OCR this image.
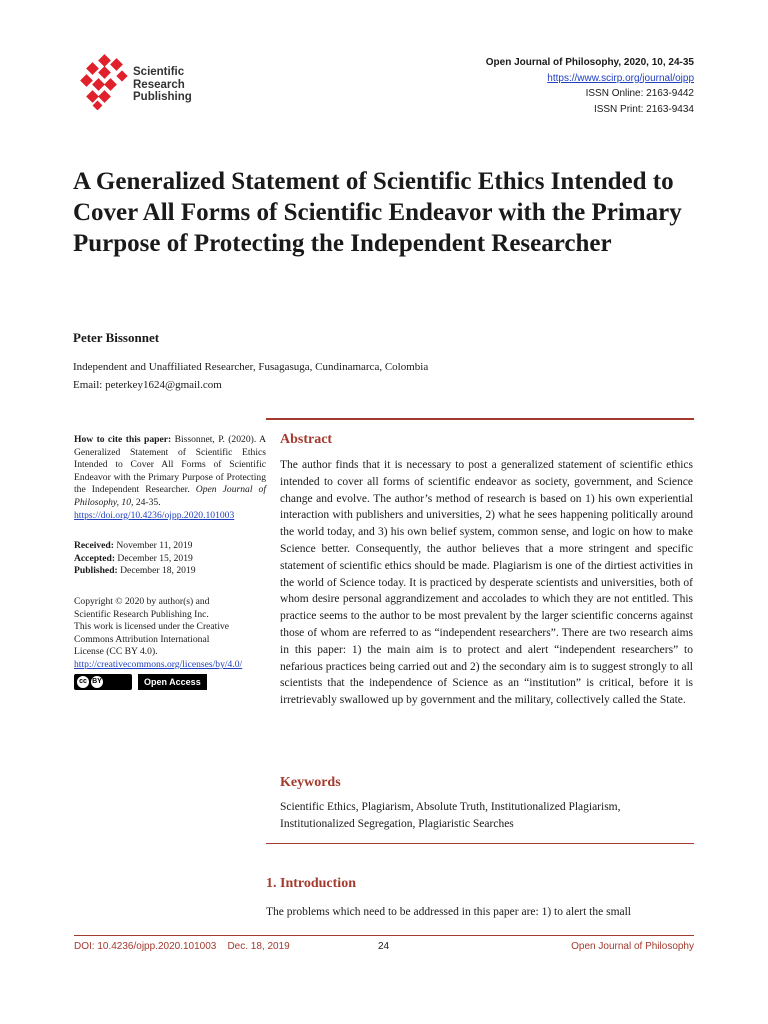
Scientific
Research
Publishing
Open Journal of Philosophy, 2020, 10, 24-35
https://www.scirp.org/journal/ojpp
ISSN Online: 2163-9442
ISSN Print: 2163-9434
A Generalized Statement of Scientific Ethics Intended to Cover All Forms of Scientific Endeavor with the Primary Purpose of Protecting the Independent Researcher
Peter Bissonnet
Independent and Unaffiliated Researcher, Fusagasuga, Cundinamarca, Colombia
Email: peterkey1624@gmail.com

How to cite this paper: Bissonnet, P. (2020). A Generalized Statement of Scientific Ethics Intended to Cover All Forms of Scientific Endeavor with the Primary Purpose of Protecting the Independent Researcher. Open Journal of Philosophy, 10, 24-35.
https://doi.org/10.4236/ojpp.2020.101003

Received: November 11, 2019
Accepted: December 15, 2019
Published: December 18, 2019

Copyright © 2020 by author(s) and
Scientific Research Publishing Inc.
This work is licensed under the Creative
Commons Attribution International
License (CC BY 4.0).
http://creativecommons.org/licenses/by/4.0/

cc BY	Open Access
Abstract
The author finds that it is necessary to post a generalized statement of scientific ethics intended to cover all forms of scientific endeavor as society, government, and Science change and evolve. The author’s method of research is based on 1) his own experiential interaction with publishers and universities, 2) what he sees happening politically around the world today, and 3) his own belief system, common sense, and logic on how to make Science better. Consequently, the author believes that a more stringent and specific statement of scientific ethics should be made. Plagiarism is one of the dirtiest activities in the world of Science today. It is practiced by desperate scientists and universities, both of whom desire personal aggrandizement and accolades to which they are not entitled. This practice seems to the author to be most prevalent by the larger scientific concerns against those of whom are referred to as “independent researchers”. There are two research aims in this paper: 1) the main aim is to protect and alert “independent researchers” to nefarious practices being carried out and 2) the secondary aim is to suggest strongly to all scientists that the independence of Science as an “institution” is critical, before it is irretrievably swallowed up by government and the military, collectively called the State.
Keywords
Scientific Ethics, Plagiarism, Absolute Truth, Institutionalized Plagiarism, Institutionalized Segregation, Plagiaristic Searches
1. Introduction
The problems which need to be addressed in this paper are: 1) to alert the small
DOI: 10.4236/ojpp.2020.101003    Dec. 18, 2019	24	Open Journal of Philosophy
